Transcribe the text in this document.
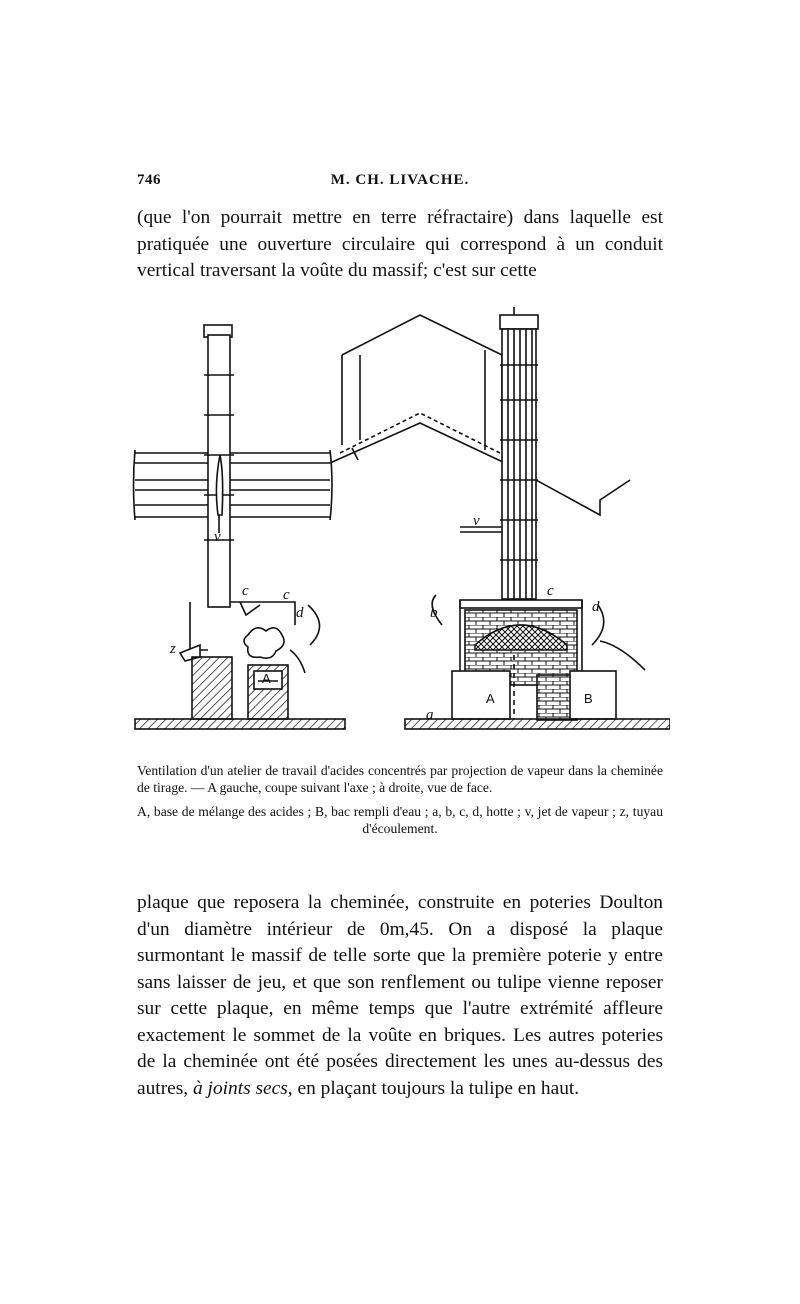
746	M. CH. LIVACHE.
(que l'on pourrait mettre en terre réfractaire) dans laquelle est pratiquée une ouverture circulaire qui correspond à un conduit vertical traversant la voûte du massif; c'est sur cette
v
c c
d
z
v
c
b	d
a
A
A	B
Ventilation d'un atelier de travail d'acides concentrés par projection de vapeur dans la cheminée de tirage. — A gauche, coupe suivant l'axe ; à droite, vue de face.
A, base de mélange des acides ; B, bac rempli d'eau ; a, b, c, d, hotte ; v, jet de vapeur ; z, tuyau d'écoulement.
plaque que reposera la cheminée, construite en poteries Doulton d'un diamètre intérieur de 0m,45. On a disposé la plaque surmontant le massif de telle sorte que la première poterie y entre sans laisser de jeu, et que son renflement ou tulipe vienne reposer sur cette plaque, en même temps que l'autre extrémité affleure exactement le sommet de la voûte en briques. Les autres poteries de la cheminée ont été posées directement les unes au-dessus des autres, à joints secs, en plaçant toujours la tulipe en haut.
